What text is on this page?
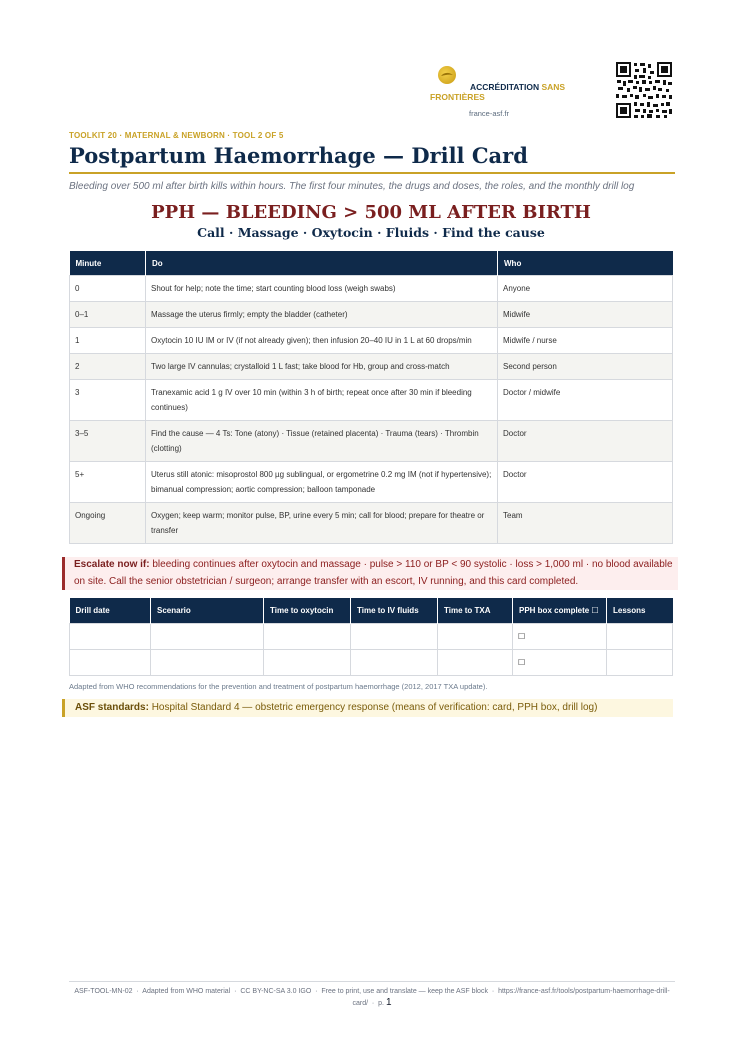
ACCRÉDITATION SANS FRONTIÈRES
france-asf.fr
TOOLKIT 20 · MATERNAL & NEWBORN · TOOL 2 OF 5
Postpartum Haemorrhage — Drill Card
Bleeding over 500 ml after birth kills within hours. The first four minutes, the drugs and doses, the roles, and the monthly drill log
PPH — BLEEDING > 500 ML AFTER BIRTH
Call · Massage · Oxytocin · Fluids · Find the cause
Minute	Do	Who
0	Shout for help; note the time; start counting blood loss (weigh swabs)	Anyone
0–1	Massage the uterus firmly; empty the bladder (catheter)	Midwife
1	Oxytocin 10 IU IM or IV (if not already given); then infusion 20–40 IU in 1 L at 60 drops/min	Midwife / nurse
2	Two large IV cannulas; crystalloid 1 L fast; take blood for Hb, group and cross-match	Second person
3	Tranexamic acid 1 g IV over 10 min (within 3 h of birth; repeat once after 30 min if bleeding continues)	Doctor / midwife
3–5	Find the cause — 4 Ts: Tone (atony) · Tissue (retained placenta) · Trauma (tears) · Thrombin (clotting)	Doctor
5+	Uterus still atonic: misoprostol 800 µg sublingual, or ergometrine 0.2 mg IM (not if hypertensive); bimanual compression; aortic compression; balloon tamponade	Doctor
Ongoing	Oxygen; keep warm; monitor pulse, BP, urine every 5 min; call for blood; prepare for theatre or transfer	Team
Escalate now if: bleeding continues after oxytocin and massage · pulse > 110 or BP < 90 systolic · loss > 1,000 ml · no blood available on site. Call the senior obstetrician / surgeon; arrange transfer with an escort, IV running, and this card completed.
Drill date	Scenario	Time to oxytocin	Time to IV fluids	Time to TXA	PPH box complete ☐	Lessons
					☐	
					☐	
Adapted from WHO recommendations for the prevention and treatment of postpartum haemorrhage (2012, 2017 TXA update).
ASF standards: Hospital Standard 4 — obstetric emergency response (means of verification: card, PPH box, drill log)
ASF-TOOL-MN-02  ·  Adapted from WHO material  ·  CC BY-NC-SA 3.0 IGO  ·  Free to print, use and translate — keep the ASF block  ·  https://france-asf.fr/tools/postpartum-haemorrhage-drill-card/  ·  p. 1
